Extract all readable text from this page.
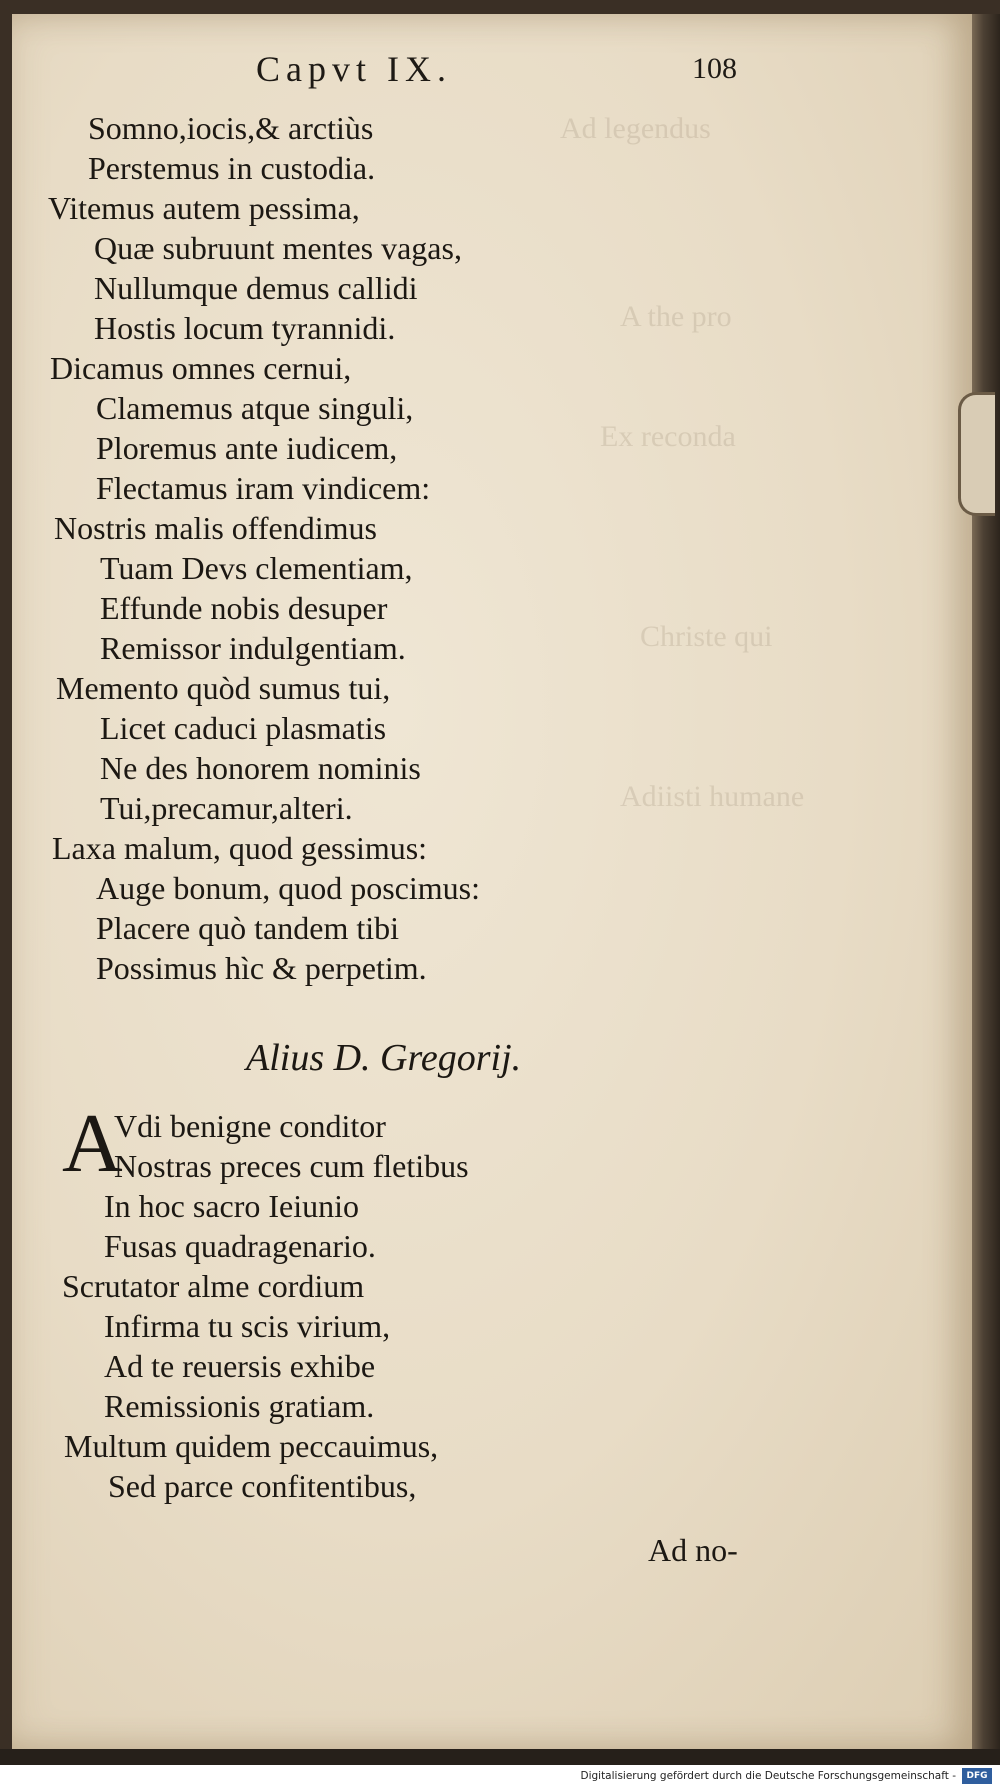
Ad legendus
A the pro
Ex reconda
Christe qui
Adiisti humane
Capvt IX.	108
Somno,iocis,& arctiùs
Perstemus in custodia.
Vitemus autem pessima,
Quæ subruunt mentes vagas,
Nullumque demus callidi
Hostis locum tyrannidi.
Dicamus omnes cernui,
Clamemus atque singuli,
Ploremus ante iudicem,
Flectamus iram vindicem:
Nostris malis offendimus
Tuam Devs clementiam,
Effunde nobis desuper
Remissor indulgentiam.
Memento quòd sumus tui,
Licet caduci plasmatis
Ne des honorem nominis
Tui,precamur,alteri.
Laxa malum, quod gessimus:
Auge bonum, quod poscimus:
Placere quò tandem tibi
Possimus hìc & perpetim.
Alius D. Gregorij.
A
Vdi benigne conditor
Nostras preces cum fletibus
In hoc sacro Ieiunio
Fusas quadragenario.
Scrutator alme cordium
Infirma tu scis virium,
Ad te reuersis exhibe
Remissionis gratiam.
Multum quidem peccauimus,
Sed parce confitentibus,
Ad no-
Digitalisierung gefördert durch die Deutsche Forschungsgemeinschaft -	DFG
